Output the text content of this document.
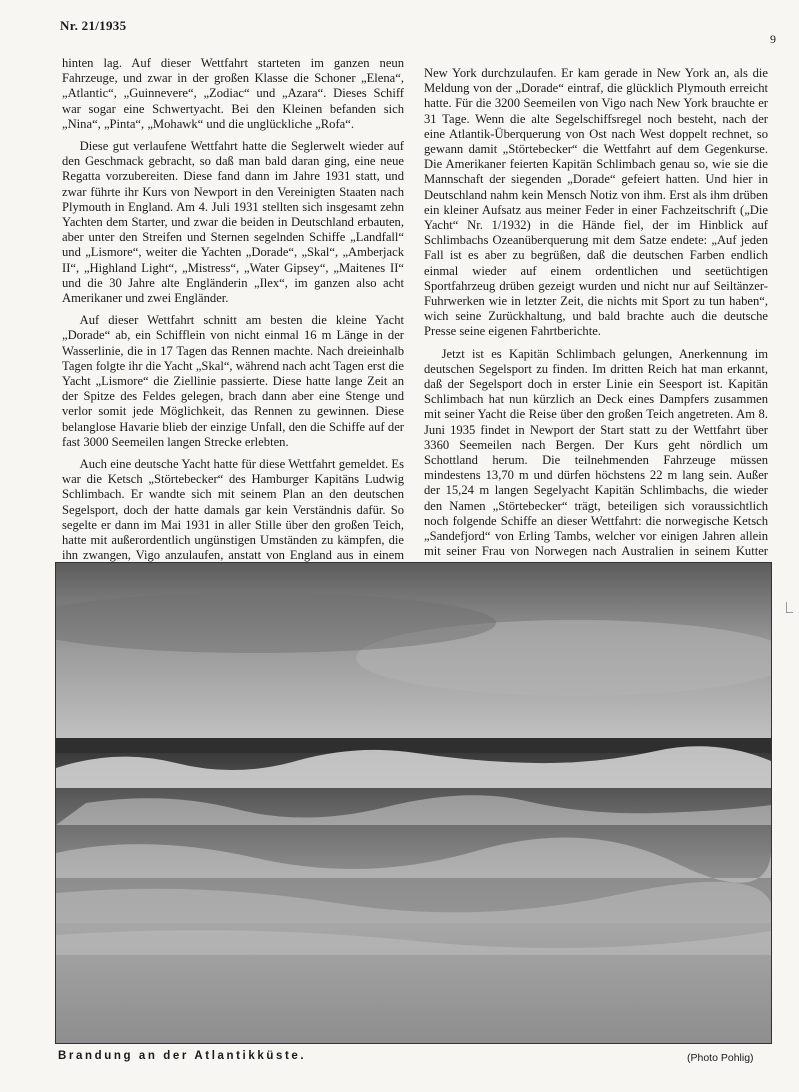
Nr. 21/1935
9

hinten lag. Auf dieser Wettfahrt starteten im ganzen neun Fahrzeuge, und zwar in der großen Klasse die Schoner „Elena“, „Atlantic“, „Guinnevere“, „Zodiac“ und „Azara“. Dieses Schiff war sogar eine Schwertyacht. Bei den Kleinen befanden sich „Nina“, „Pinta“, „Mohawk“ und die unglückliche „Rofa“.

Diese gut verlaufene Wettfahrt hatte die Seglerwelt wieder auf den Geschmack gebracht, so daß man bald daran ging, eine neue Regatta vorzubereiten. Diese fand dann im Jahre 1931 statt, und zwar führte ihr Kurs von Newport in den Vereinigten Staaten nach Plymouth in England. Am 4. Juli 1931 stellten sich insgesamt zehn Yachten dem Starter, und zwar die beiden in Deutschland erbauten, aber unter den Streifen und Sternen segelnden Schiffe „Landfall“ und „Lismore“, weiter die Yachten „Dorade“, „Skal“, „Amberjack II“, „Highland Light“, „Mistress“, „Water Gipsey“, „Maitenes II“ und die 30 Jahre alte Engländerin „Ilex“, im ganzen also acht Amerikaner und zwei Engländer.

Auf dieser Wettfahrt schnitt am besten die kleine Yacht „Dorade“ ab, ein Schifflein von nicht einmal 16 m Länge in der Wasserlinie, die in 17 Tagen das Rennen machte. Nach dreieinhalb Tagen folgte ihr die Yacht „Skal“, während nach acht Tagen erst die Yacht „Lismore“ die Ziellinie passierte. Diese hatte lange Zeit an der Spitze des Feldes gelegen, brach dann aber eine Stenge und verlor somit jede Möglichkeit, das Rennen zu gewinnen. Diese belanglose Havarie blieb der einzige Unfall, den die Schiffe auf der fast 3000 Seemeilen langen Strecke erlebten.

Auch eine deutsche Yacht hatte für diese Wettfahrt gemeldet. Es war die Ketsch „Störtebecker“ des Hamburger Kapitäns Ludwig Schlimbach. Er wandte sich mit seinem Plan an den deutschen Segelsport, doch der hatte damals gar kein Verständnis dafür. So segelte er dann im Mai 1931 in aller Stille über den großen Teich, hatte mit außerordentlich ungünstigen Umständen zu kämpfen, die ihn zwangen, Vigo anzulaufen, anstatt von England aus in einem

New York durchzulaufen. Er kam gerade in New York an, als die Meldung von der „Dorade“ eintraf, die glücklich Plymouth erreicht hatte. Für die 3200 Seemeilen von Vigo nach New York brauchte er 31 Tage. Wenn die alte Segelschiffsregel noch besteht, nach der eine Atlantik-Überquerung von Ost nach West doppelt rechnet, so gewann damit „Störtebecker“ die Wettfahrt auf dem Gegenkurse. Die Amerikaner feierten Kapitän Schlimbach genau so, wie sie die Mannschaft der siegenden „Dorade“ gefeiert hatten. Und hier in Deutschland nahm kein Mensch Notiz von ihm. Erst als ihm drüben ein kleiner Aufsatz aus meiner Feder in einer Fachzeitschrift („Die Yacht“ Nr. 1/1932) in die Hände fiel, der im Hinblick auf Schlimbachs Ozeanüberquerung mit dem Satze endete: „Auf jeden Fall ist es aber zu begrüßen, daß die deutschen Farben endlich einmal wieder auf einem ordentlichen und seetüchtigen Sportfahrzeug drüben gezeigt wurden und nicht nur auf Seiltänzer-Fuhrwerken wie in letzter Zeit, die nichts mit Sport zu tun haben“, wich seine Zurückhaltung, und bald brachte auch die deutsche Presse seine eigenen Fahrtberichte.

Jetzt ist es Kapitän Schlimbach gelungen, Anerkennung im deutschen Segelsport zu finden. Im dritten Reich hat man erkannt, daß der Segelsport doch in erster Linie ein Seesport ist. Kapitän Schlimbach hat nun kürzlich an Deck eines Dampfers zusammen mit seiner Yacht die Reise über den großen Teich angetreten. Am 8. Juni 1935 findet in Newport der Start statt zu der Wettfahrt über 3360 Seemeilen nach Bergen. Der Kurs geht nördlich um Schottland herum. Die teilnehmenden Fahrzeuge müssen mindestens 13,70 m und dürfen höchstens 22 m lang sein. Außer der 15,24 m langen Segelyacht Kapitän Schlimbachs, die wieder den Namen „Störtebecker“ trägt, beteiligen sich voraussichtlich noch folgende Schiffe an dieser Wettfahrt: die norwegische Ketsch „Sandefjord“ von Erling Tambs, welcher vor einigen Jahren allein mit seiner Frau von Norwegen nach Australien in seinem Kutter

Brandung an der Atlantikküste.	(Photo Pohlig)
